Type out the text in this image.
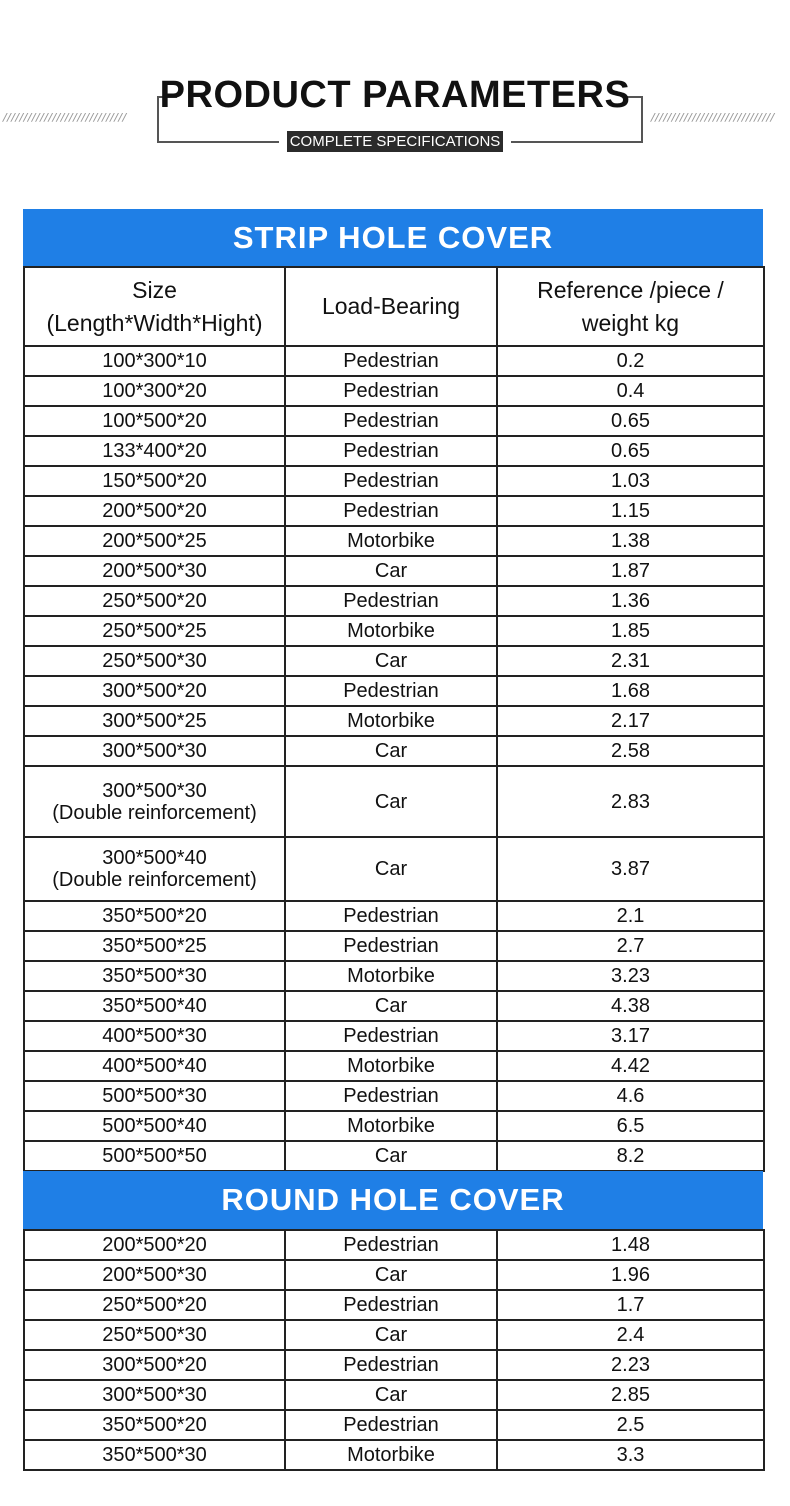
//////////////////////////////	//////////////////////////////
PRODUCT PARAMETERS
COMPLETE SPECIFICATIONS
STRIP HOLE COVER
Size
(Length*Width*Hight)	Load-Bearing	Reference /piece /
weight kg
100*300*10	Pedestrian	0.2
100*300*20	Pedestrian	0.4
100*500*20	Pedestrian	0.65
133*400*20	Pedestrian	0.65
150*500*20	Pedestrian	1.03
200*500*20	Pedestrian	1.15
200*500*25	Motorbike	1.38
200*500*30	Car	1.87
250*500*20	Pedestrian	1.36
250*500*25	Motorbike	1.85
250*500*30	Car	2.31
300*500*20	Pedestrian	1.68
300*500*25	Motorbike	2.17
300*500*30	Car	2.58
300*500*30
(Double reinforcement)	Car	2.83
300*500*40
(Double reinforcement)	Car	3.87
350*500*20	Pedestrian	2.1
350*500*25	Pedestrian	2.7
350*500*30	Motorbike	3.23
350*500*40	Car	4.38
400*500*30	Pedestrian	3.17
400*500*40	Motorbike	4.42
500*500*30	Pedestrian	4.6
500*500*40	Motorbike	6.5
500*500*50	Car	8.2
ROUND HOLE COVER
200*500*20	Pedestrian	1.48
200*500*30	Car	1.96
250*500*20	Pedestrian	1.7
250*500*30	Car	2.4
300*500*20	Pedestrian	2.23
300*500*30	Car	2.85
350*500*20	Pedestrian	2.5
350*500*30	Motorbike	3.3
